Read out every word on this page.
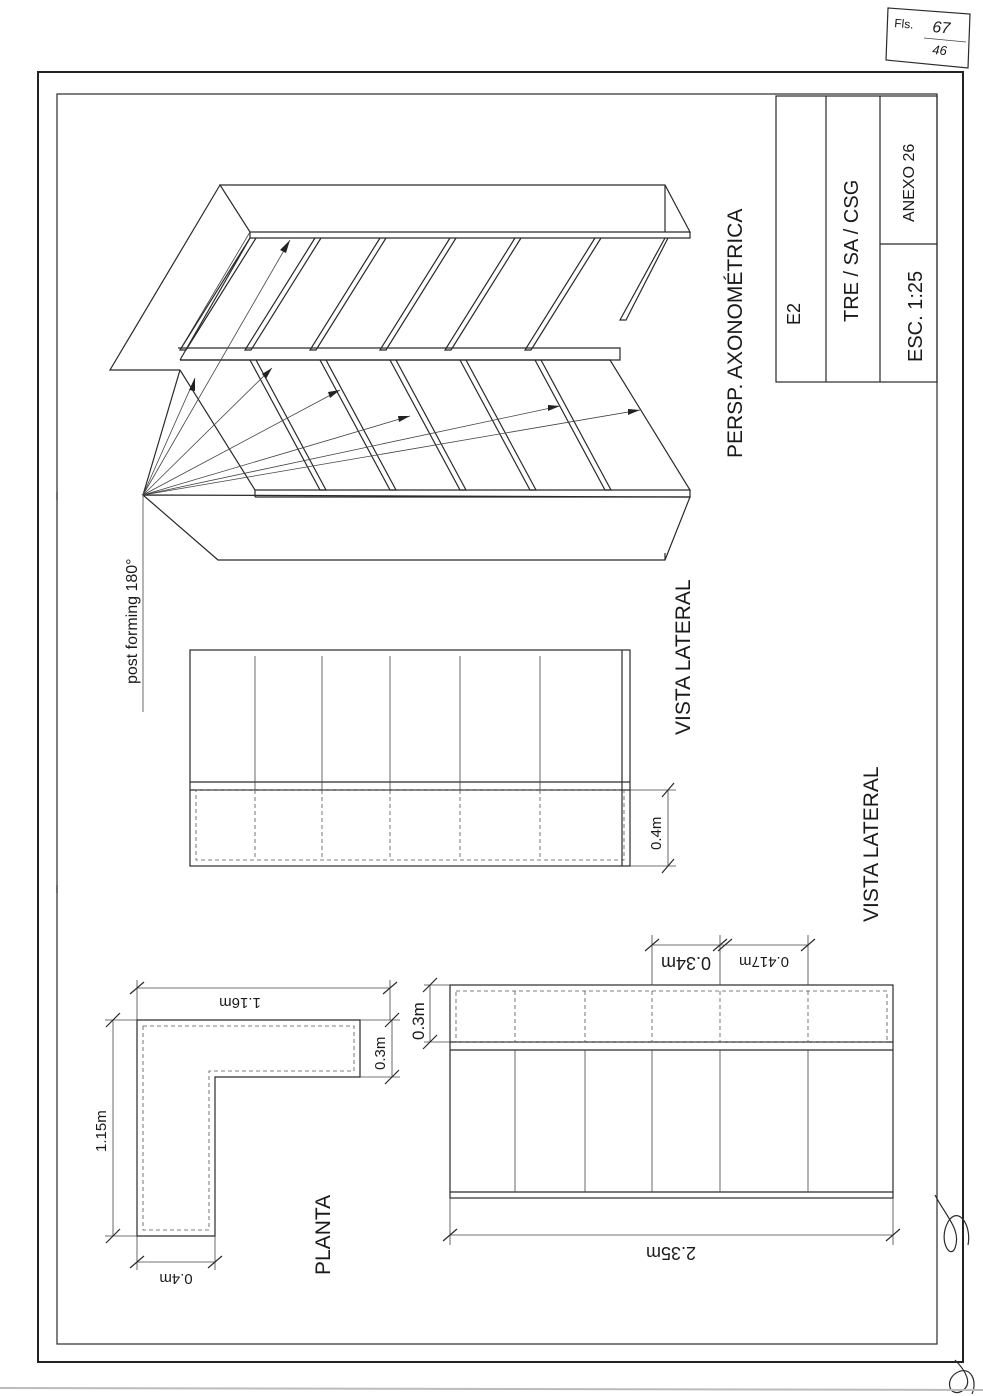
Fls. 67
46
E2 TRE / SA / CSG ANEXO 26
ESC. 1:25
PERSP. AXONOMÉTRICA
post forming 180°
0.4m
VISTA LATERAL
VISTA LATERAL
1.16m
1.15m
0.4m
0.3m
PLANTA
0.3m
0.34m 0.417m
2.35m
